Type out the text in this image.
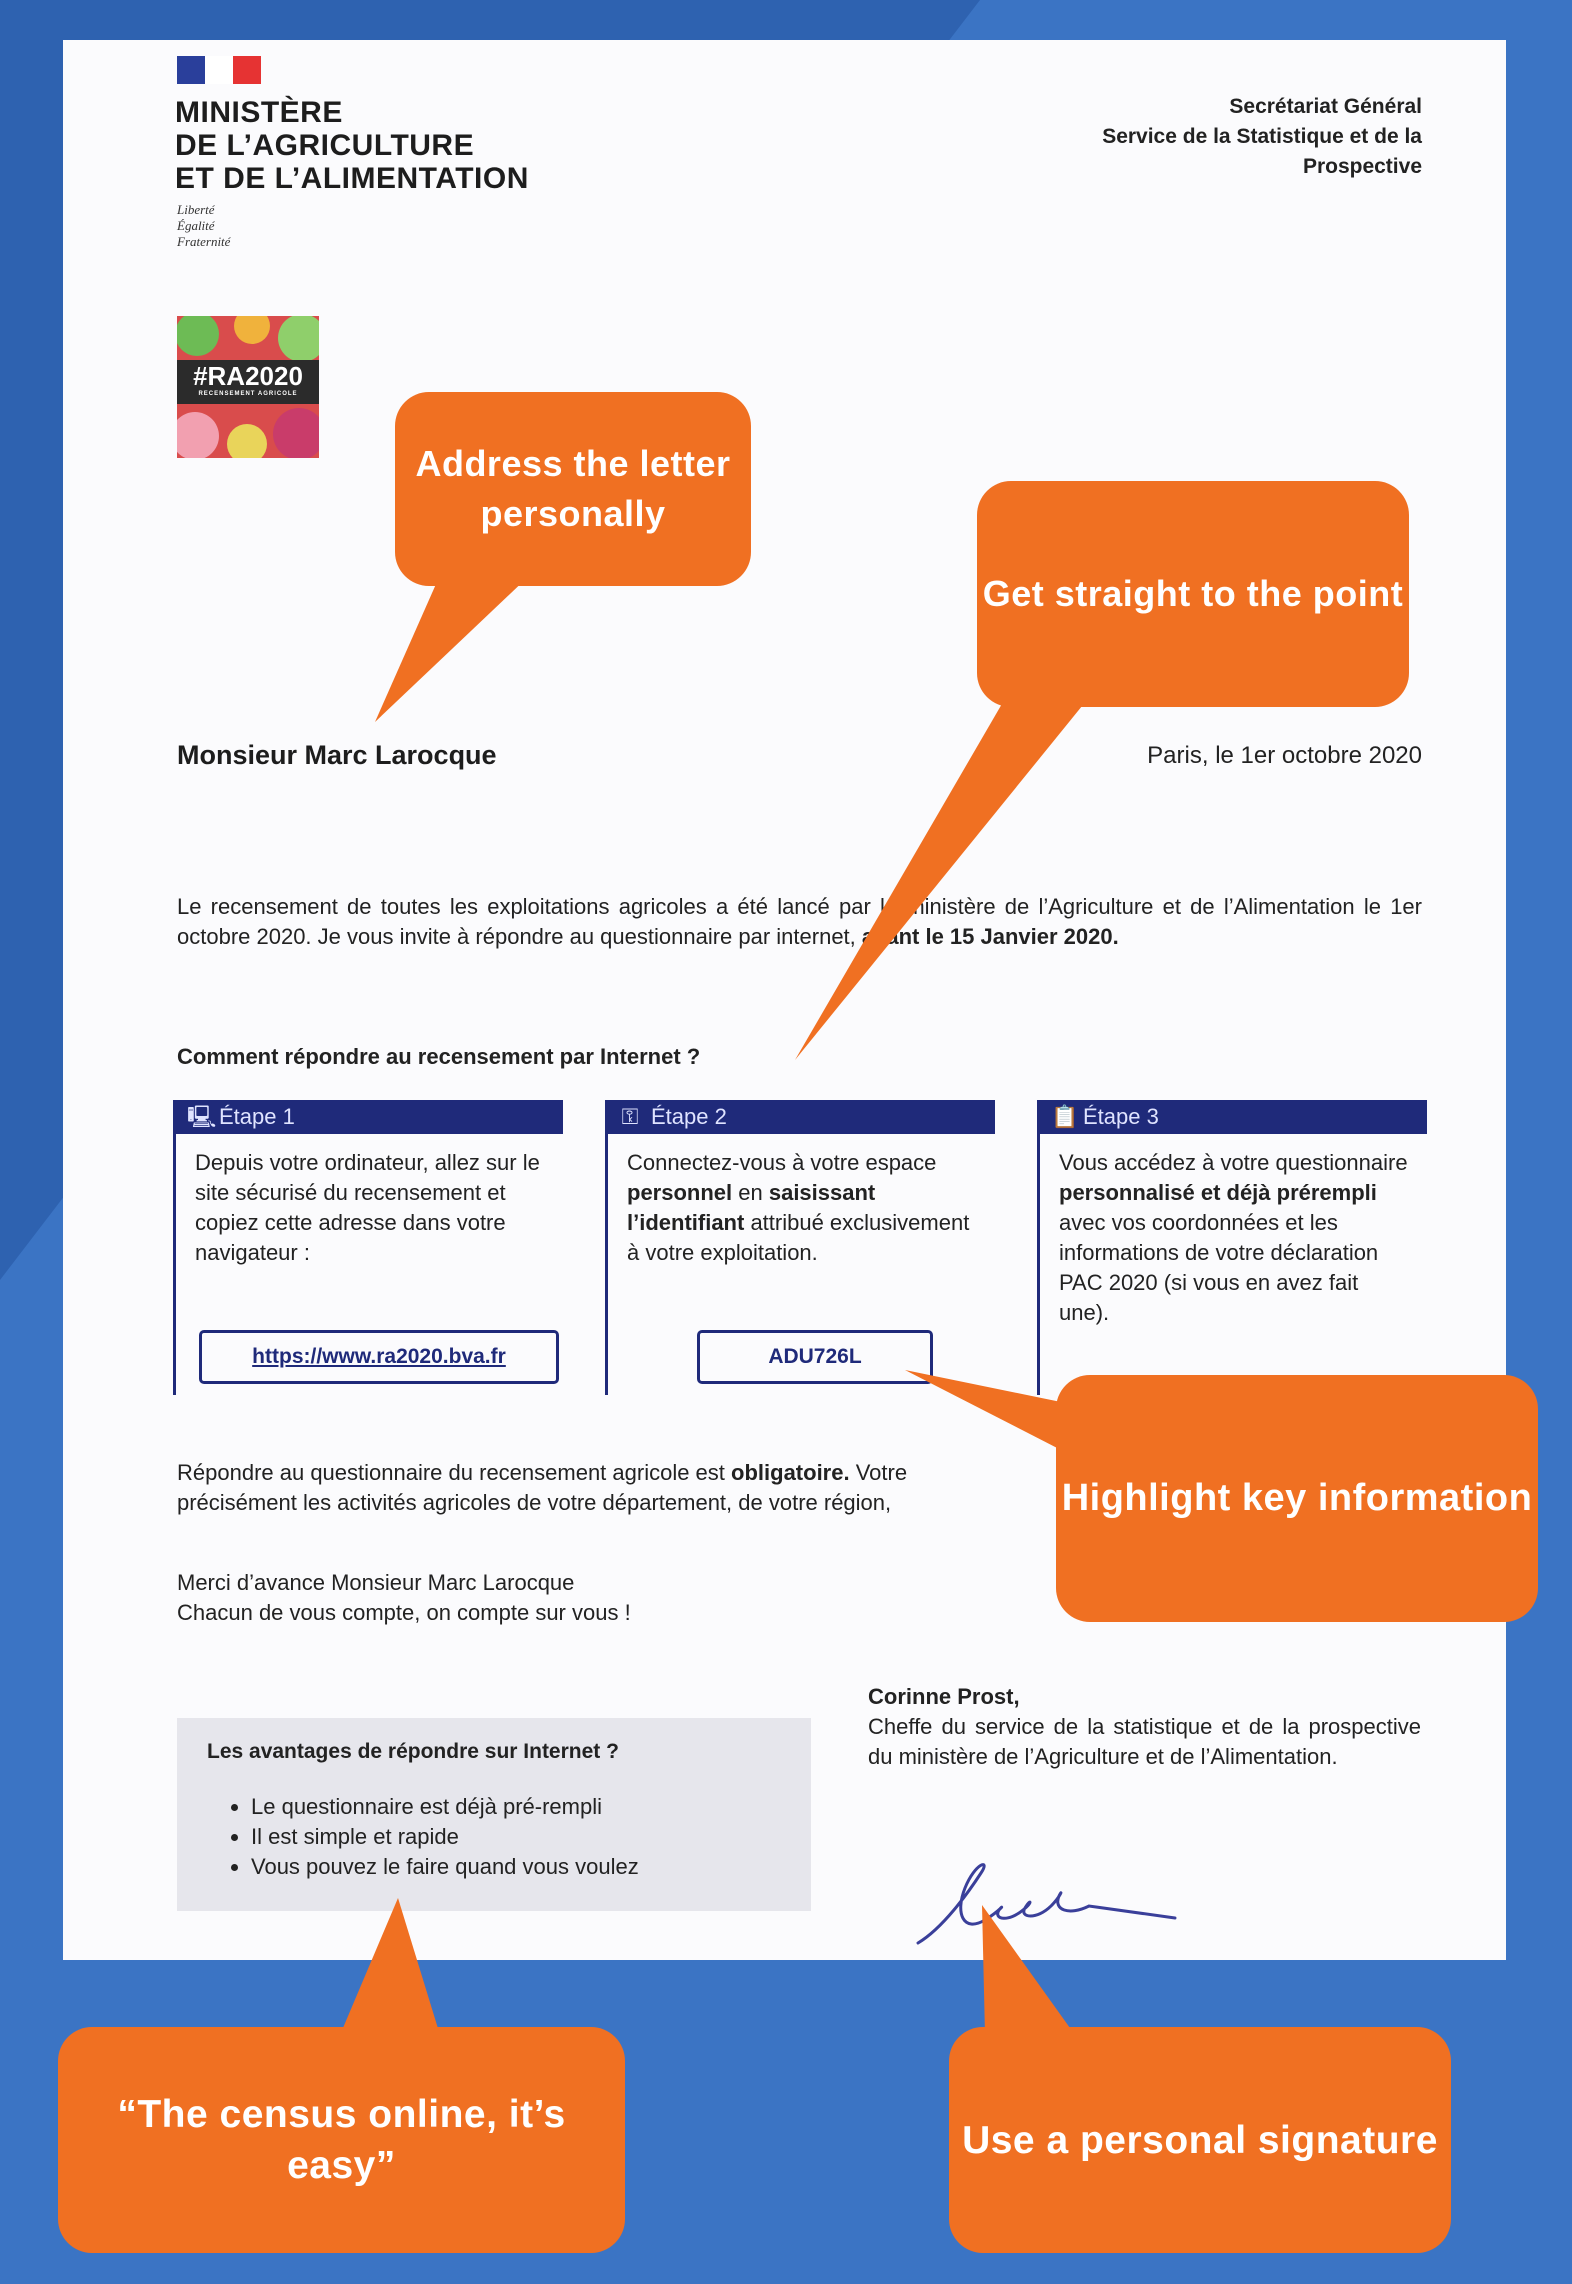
MINISTÈRE
DE L’AGRICULTURE
ET DE L’ALIMENTATION
Liberté
Égalité
Fraternité
Secrétariat Général
Service de la Statistique et de la
Prospective
#RA2020
RECENSEMENT AGRICOLE
Monsieur Marc Larocque	Paris, le 1er octobre 2020
Le recensement de toutes les exploitations agricoles a été lancé par le ministère de l’Agriculture et de l’Alimentation le 1er octobre 2020. Je vous invite à répondre au questionnaire par internet, avant le 15 Janvier 2020.
Comment répondre au recensement par Internet ?
🖳 Étape 1
Depuis votre ordinateur, allez sur le site sécurisé du recensement et copiez cette adresse dans votre navigateur :
https://www.ra2020.bva.fr
⚿ Étape 2
Connectez-vous à votre espace personnel en saisissant l’identifiant attribué exclusivement à votre exploitation.
ADU726L
📋 Étape 3
Vous accédez à votre questionnaire personnalisé et déjà prérempli avec vos coordonnées et les informations de votre déclaration PAC 2020 (si vous en avez fait une).
Répondre au questionnaire du recensement agricole est obligatoire. Votre
précisément les activités agricoles de votre département, de votre région,
Merci d’avance Monsieur Marc Larocque
Chacun de vous compte, on compte sur vous !
Les avantages de répondre sur Internet ?
• Le questionnaire est déjà pré-rempli
• Il est simple et rapide
• Vous pouvez le faire quand vous voulez
Corinne Prost,
Cheffe du service de la statistique et de la prospective du ministère de l’Agriculture et de l’Alimentation.
Address the letter personally
Get straight to the point
Highlight key information
“The census online, it’s easy”
Use a personal signature
